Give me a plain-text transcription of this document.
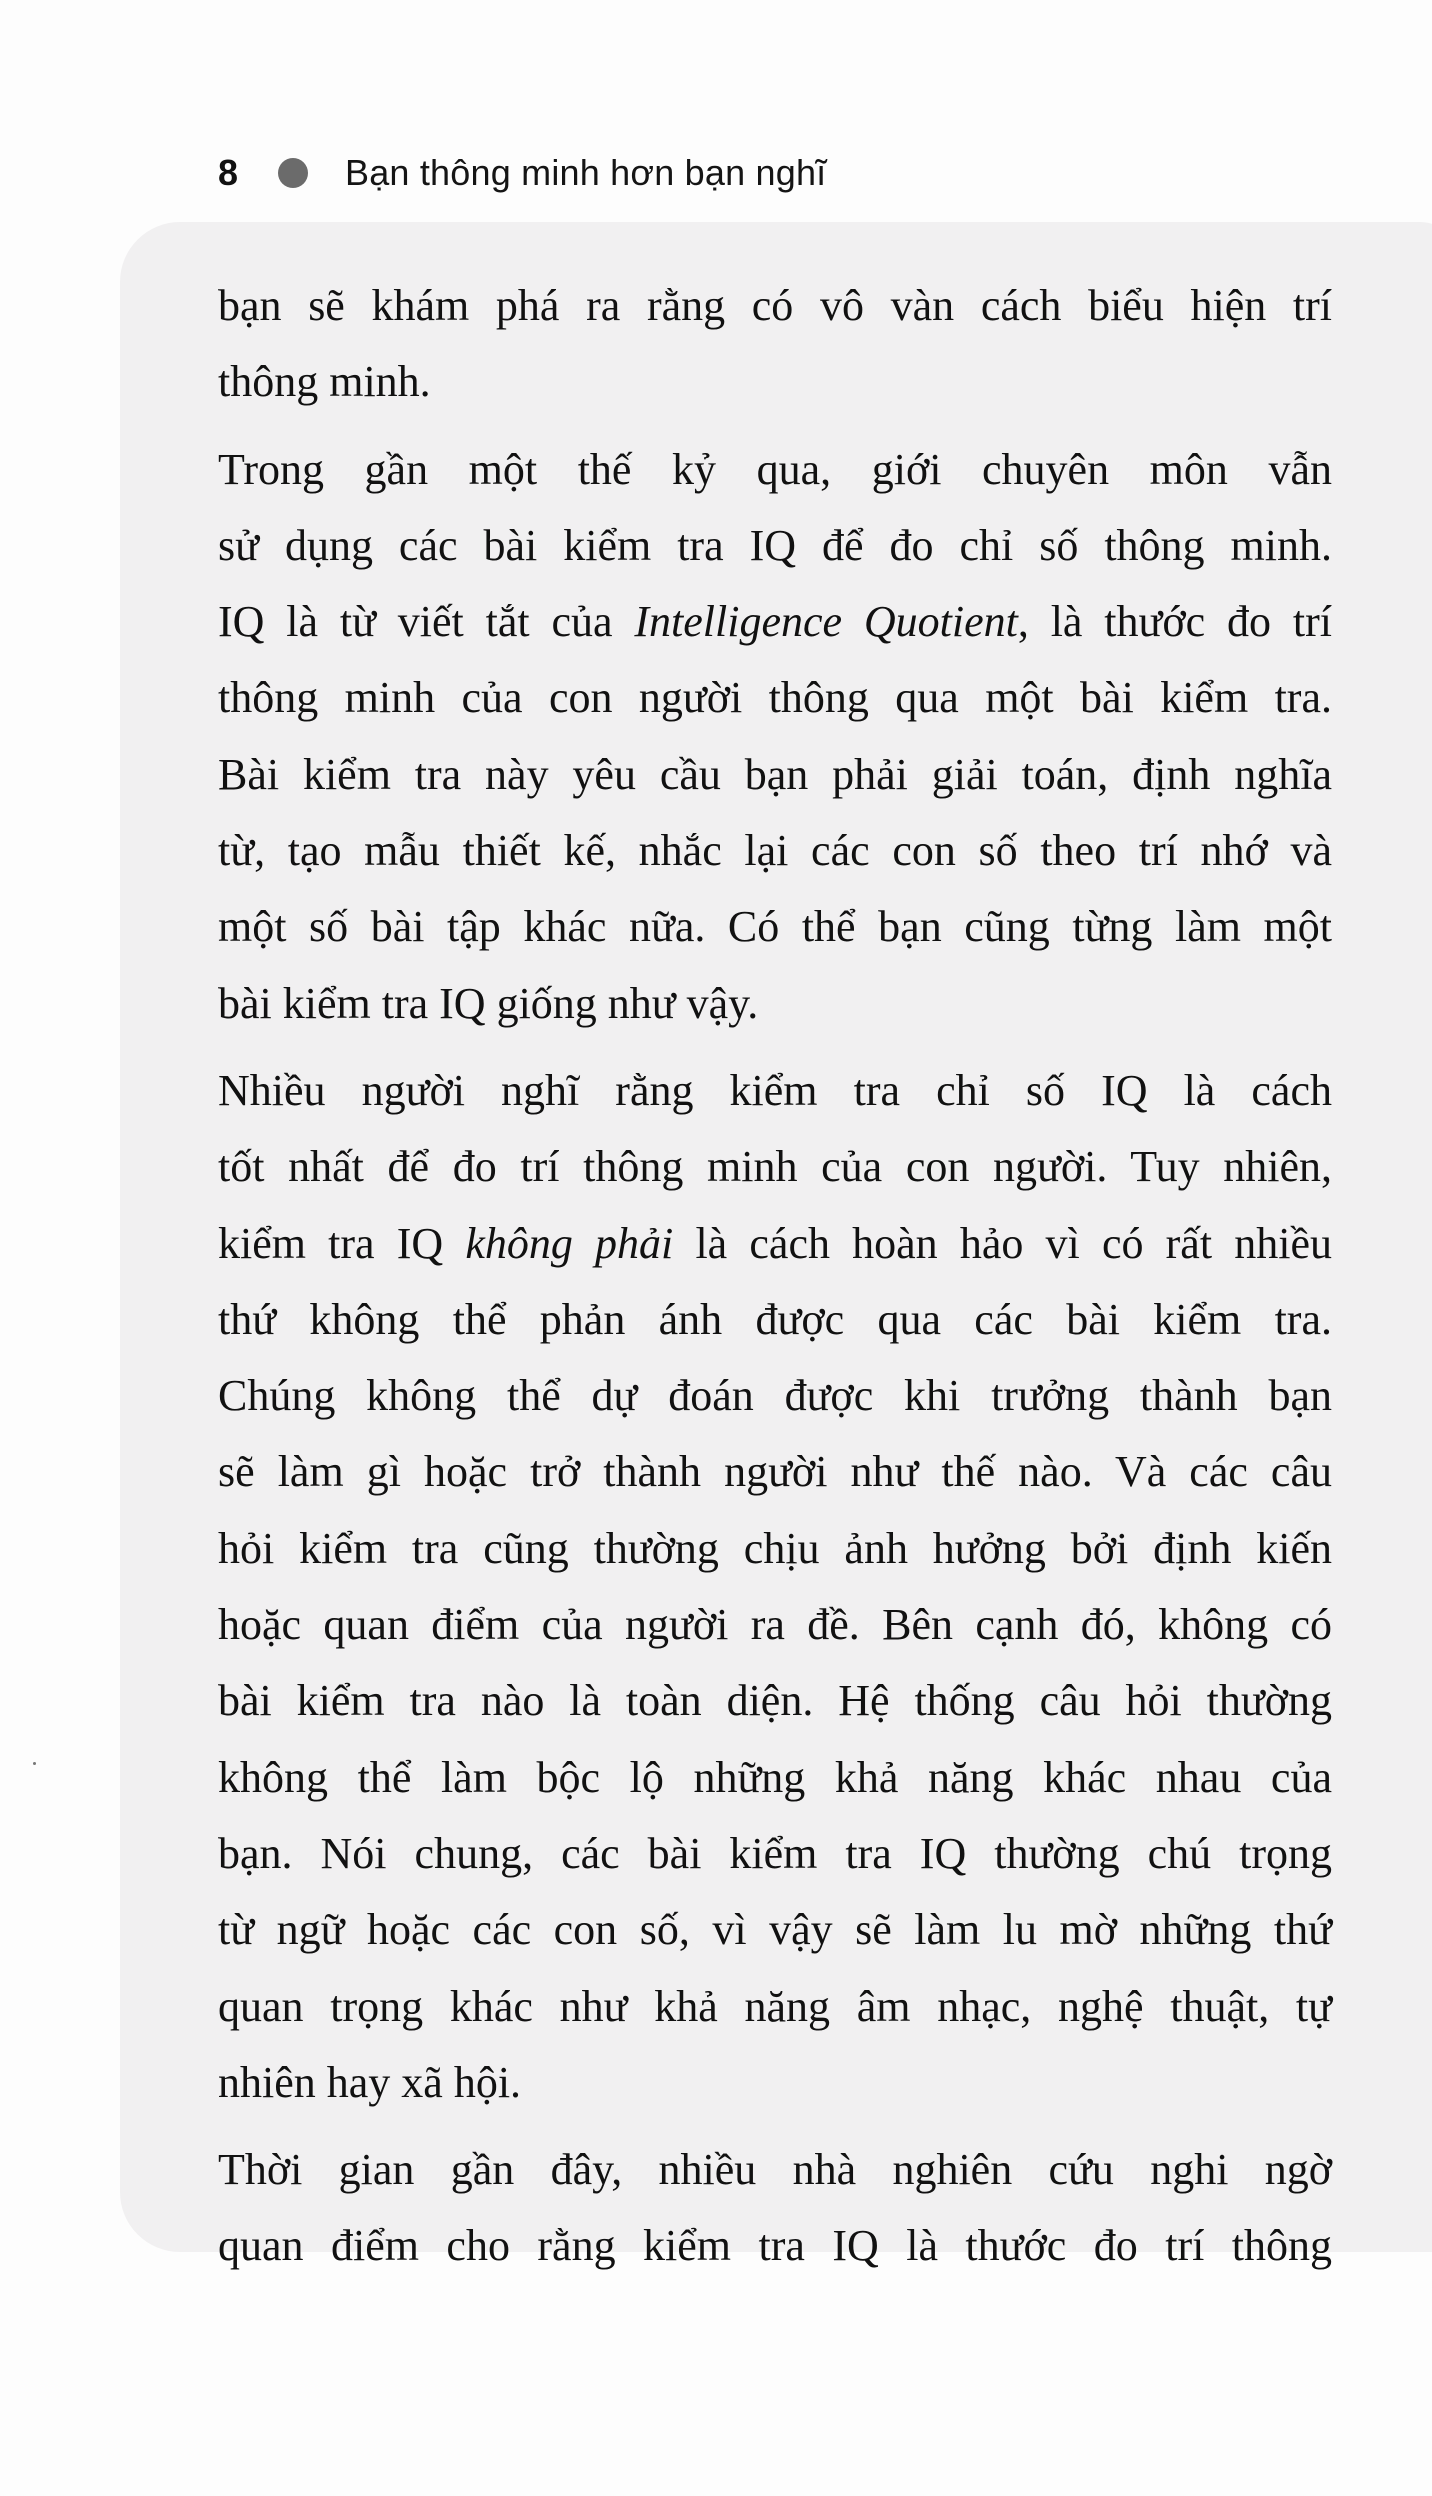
8	Bạn thông minh hơn bạn nghĩ

bạn sẽ khám phá ra rằng có vô vàn cách biểu hiện trí
thông minh.

Trong gần một thế kỷ qua, giới chuyên môn vẫn
sử dụng các bài kiểm tra IQ để đo chỉ số thông minh.
IQ là từ viết tắt của Intelligence Quotient, là thước đo trí
thông minh của con người thông qua một bài kiểm tra.
Bài kiểm tra này yêu cầu bạn phải giải toán, định nghĩa
từ, tạo mẫu thiết kế, nhắc lại các con số theo trí nhớ và
một số bài tập khác nữa. Có thể bạn cũng từng làm một
bài kiểm tra IQ giống như vậy.

Nhiều người nghĩ rằng kiểm tra chỉ số IQ là cách
tốt nhất để đo trí thông minh của con người. Tuy nhiên,
kiểm tra IQ không phải là cách hoàn hảo vì có rất nhiều
thứ không thể phản ánh được qua các bài kiểm tra.
Chúng không thể dự đoán được khi trưởng thành bạn
sẽ làm gì hoặc trở thành người như thế nào. Và các câu
hỏi kiểm tra cũng thường chịu ảnh hưởng bởi định kiến
hoặc quan điểm của người ra đề. Bên cạnh đó, không có
bài kiểm tra nào là toàn diện. Hệ thống câu hỏi thường
không thể làm bộc lộ những khả năng khác nhau của
bạn. Nói chung, các bài kiểm tra IQ thường chú trọng
từ ngữ hoặc các con số, vì vậy sẽ làm lu mờ những thứ
quan trọng khác như khả năng âm nhạc, nghệ thuật, tự
nhiên hay xã hội.

Thời gian gần đây, nhiều nhà nghiên cứu nghi ngờ
quan điểm cho rằng kiểm tra IQ là thước đo trí thông
